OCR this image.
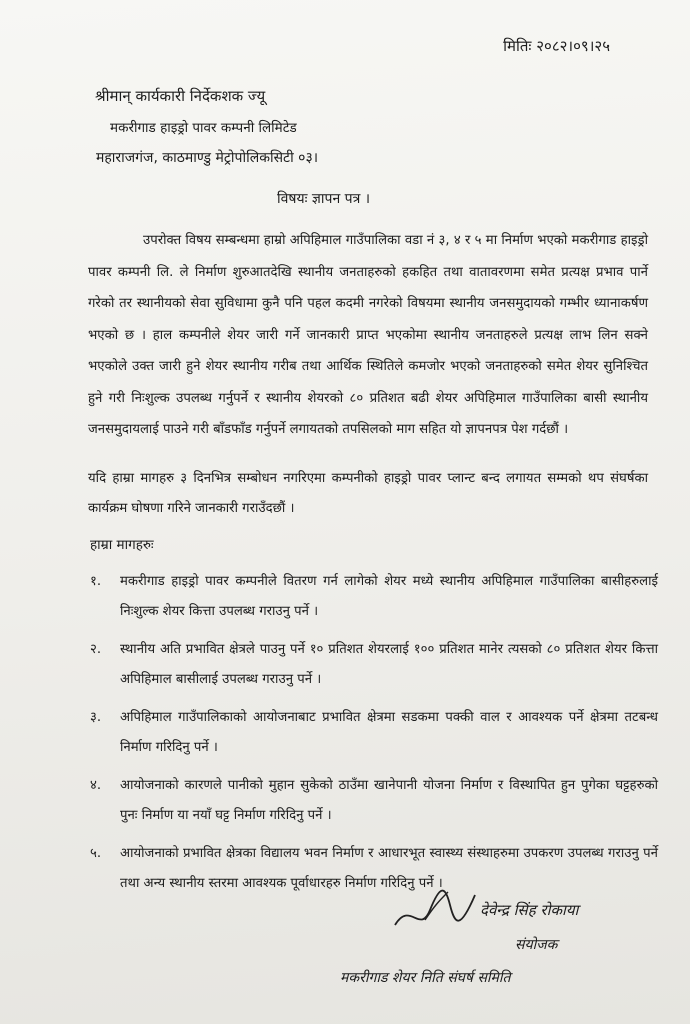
मितिः २०८२।०९।२५
श्रीमान् कार्यकारी निर्देकशक ज्यू
मकरीगाड हाइड्रो पावर कम्पनी लिमिटेड
महाराजगंज, काठमाण्डु मेट्रोपोलिकसिटी ०३।
विषयः ज्ञापन पत्र ।
उपरोक्त विषय सम्बन्धमा हाम्रो अपिहिमाल गाउँपालिका वडा नं ३, ४ र ५ मा निर्माण भएको मकरीगाड हाइड्रो पावर कम्पनी लि. ले निर्माण शुरुआतदेखि स्थानीय जनताहरुको हकहित तथा वातावरणमा समेत प्रत्यक्ष प्रभाव पार्ने गरेको तर स्थानीयको सेवा सुविधामा कुनै पनि पहल कदमी नगरेको विषयमा स्थानीय जनसमुदायको गम्भीर ध्यानाकर्षण भएको छ । हाल कम्पनीले शेयर जारी गर्ने जानकारी प्राप्त भएकोमा स्थानीय जनताहरुले प्रत्यक्ष लाभ लिन सक्ने भएकोले उक्त जारी हुने शेयर स्थानीय गरीब तथा आर्थिक स्थितिले कमजोर भएको जनताहरुको समेत शेयर सुनिश्चित हुने गरी निःशुल्क उपलब्ध गर्नुपर्ने र स्थानीय शेयरको ८० प्रतिशत बढी शेयर अपिहिमाल गाउँपालिका बासी स्थानीय जनसमुदायलाई पाउने गरी बाँडफाँड गर्नुपर्ने लगायतको तपसिलको माग सहित यो ज्ञापनपत्र पेश गर्दछौं ।
यदि हाम्रा मागहरु ३ दिनभित्र सम्बोधन नगरिएमा कम्पनीको हाइड्रो पावर प्लान्ट बन्द लगायत सम्मको थप संघर्षका कार्यक्रम घोषणा गरिने जानकारी गराउँदछौं ।
हाम्रा मागहरुः
१.	मकरीगाड हाइड्रो पावर कम्पनीले वितरण गर्न लागेको शेयर मध्ये स्थानीय अपिहिमाल गाउँपालिका बासीहरुलाई निःशुल्क शेयर कित्ता उपलब्ध गराउनु पर्ने ।
२.	स्थानीय अति प्रभावित क्षेत्रले पाउनु पर्ने १० प्रतिशत शेयरलाई १०० प्रतिशत मानेर त्यसको ८० प्रतिशत शेयर कित्ता अपिहिमाल बासीलाई उपलब्ध गराउनु पर्ने ।
३.	अपिहिमाल गाउँपालिकाको आयोजनाबाट प्रभावित क्षेत्रमा सडकमा पक्की वाल र आवश्यक पर्ने क्षेत्रमा तटबन्ध निर्माण गरिदिनु पर्ने ।
४.	आयोजनाको कारणले पानीको मुहान सुकेको ठाउँमा खानेपानी योजना निर्माण र विस्थापित हुन पुगेका घट्टहरुको पुनः निर्माण या नयाँ घट्ट निर्माण गरिदिनु पर्ने ।
५.	आयोजनाको प्रभावित क्षेत्रका विद्यालय भवन निर्माण र आधारभूत स्वास्थ्य संस्थाहरुमा उपकरण उपलब्ध गराउनु पर्ने तथा अन्य स्थानीय स्तरमा आवश्यक पूर्वाधारहरु निर्माण गरिदिनु पर्ने ।
देवेन्द्र सिंह रोकाया
संयोजक
मकरीगाड शेयर निति संघर्ष समिति
